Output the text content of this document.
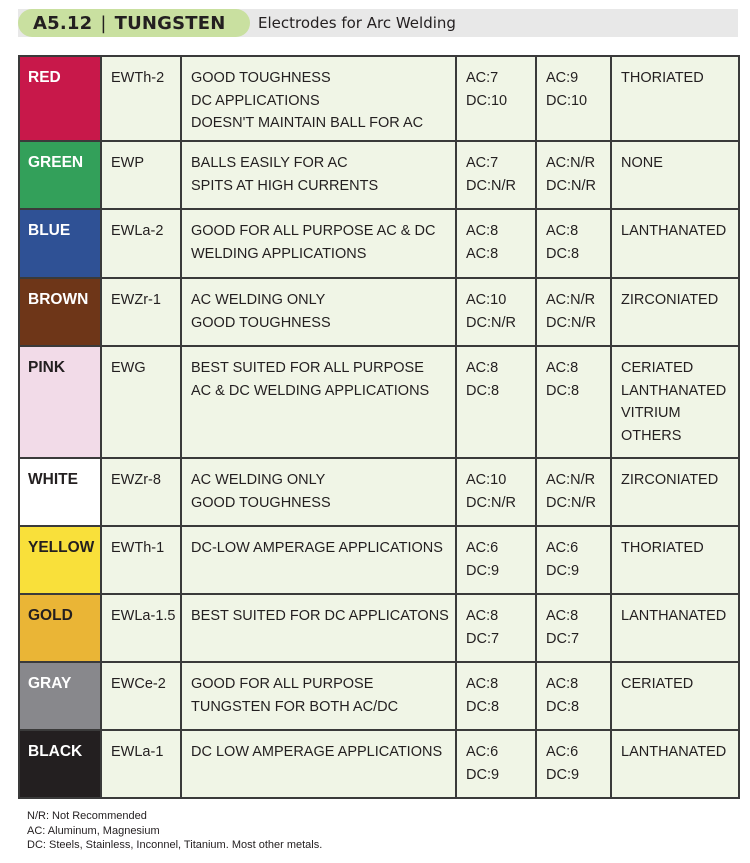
A5.12 | TUNGSTEN Electrodes for Arc Welding
RED	EWTh-2	GOOD TOUGHNESS
DC APPLICATIONS
DOESN'T MAINTAIN BALL FOR AC	AC:7
DC:10	AC:9
DC:10	THORIATED

GREEN	EWP	BALLS EASILY FOR AC
SPITS AT HIGH CURRENTS	AC:7
DC:N/R	AC:N/R
DC:N/R	NONE

BLUE	EWLa-2	GOOD FOR ALL PURPOSE AC & DC
WELDING APPLICATIONS	AC:8
AC:8	AC:8
DC:8	LANTHANATED

BROWN	EWZr-1	AC WELDING ONLY
GOOD TOUGHNESS	AC:10
DC:N/R	AC:N/R
DC:N/R	ZIRCONIATED

PINK	EWG	BEST SUITED FOR ALL PURPOSE
AC & DC WELDING APPLICATIONS	AC:8
DC:8	AC:8
DC:8	CERIATED
LANTHANATED
VITRIUM
OTHERS

WHITE	EWZr-8	AC WELDING ONLY
GOOD TOUGHNESS	AC:10
DC:N/R	AC:N/R
DC:N/R	ZIRCONIATED

YELLOW	EWTh-1	DC-LOW AMPERAGE APPLICATIONS	AC:6
DC:9	AC:6
DC:9	THORIATED

GOLD	EWLa-1.5	BEST SUITED FOR DC APPLICATONS	AC:8
DC:7	AC:8
DC:7	LANTHANATED

GRAY	EWCe-2	GOOD FOR ALL PURPOSE
TUNGSTEN FOR BOTH AC/DC	AC:8
DC:8	AC:8
DC:8	CERIATED

BLACK	EWLa-1	DC LOW AMPERAGE APPLICATIONS	AC:6
DC:9	AC:6
DC:9	LANTHANATED
N/R: Not Recommended
AC: Aluminum, Magnesium
DC: Steels, Stainless, Inconnel, Titanium. Most other metals.
